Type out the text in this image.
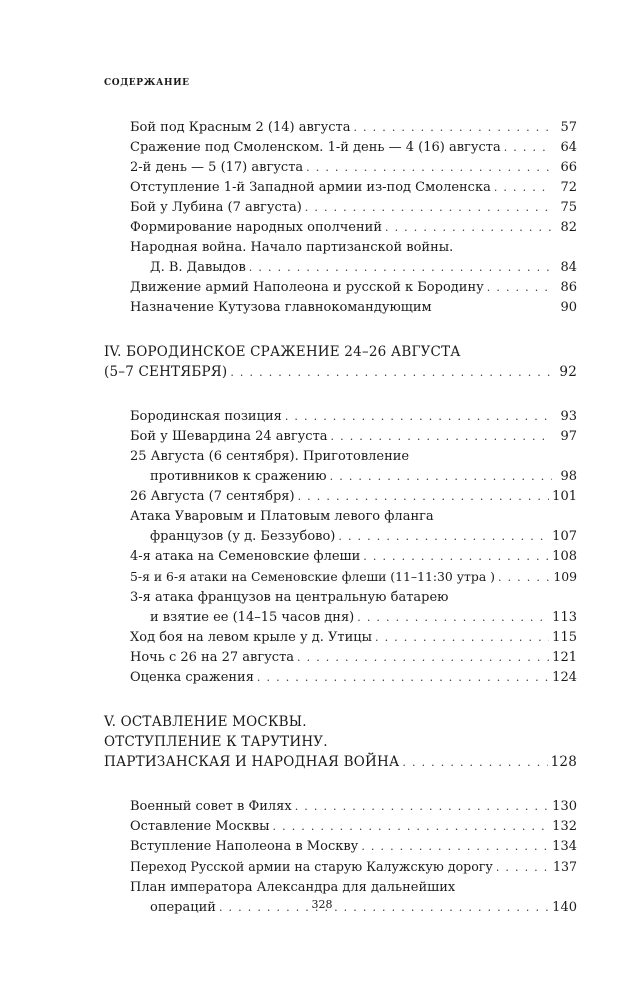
СОДЕРЖАНИЕ
Бой под Красным 2 (14) августа . . .	57
Сражение под Смоленском. 1-й день — 4 (16) августа . . .	64
2-й день — 5 (17) августа . . .	66
Отступление 1-й Западной армии из-под Смоленска . . .	72
Бой у Лубина (7 августа) . . .	75
Формирование народных ополчений . . .	82
Народная война. Начало партизанской войны.
Д. В. Давыдов . . .	84
Движение армий Наполеона и русской к Бородину . . .	86
Назначение Кутузова главнокомандующим	90
IV. БОРОДИНСКОЕ СРАЖЕНИЕ 24–26 АВГУСТА
(5–7 СЕНТЯБРЯ) . . .	92
Бородинская позиция . . .	93
Бой у Шевардина 24 августа . . .	97
25 Августа (6 сентября). Приготовление
противников к сражению . . .	98
26 Августа (7 сентября) . . .	101
Атака Уваровым и Платовым левого фланга
французов (у д. Беззубово) . . .	107
4-я атака на Семеновские флеши . . .	108
5-я и 6-я атаки на Семеновские флеши (11–11:30 утра ) . . .	109
3-я атака французов на центральную батарею
и взятие ее (14–15 часов дня) . . .	113
Ход боя на левом крыле у д. Утицы . . .	115
Ночь с 26 на 27 августа . . .	121
Оценка сражения . . .	124
V. ОСТАВЛЕНИЕ МОСКВЫ.
ОТСТУПЛЕНИЕ К ТАРУТИНУ.
ПАРТИЗАНСКАЯ И НАРОДНАЯ ВОЙНА . . .	128
Военный совет в Филях . . .	130
Оставление Москвы . . .	132
Вступление Наполеона в Москву . . .	134
Переход Русской армии на старую Калужскую дорогу . . .	137
План императора Александра для дальнейших
операций . . .	140
328
